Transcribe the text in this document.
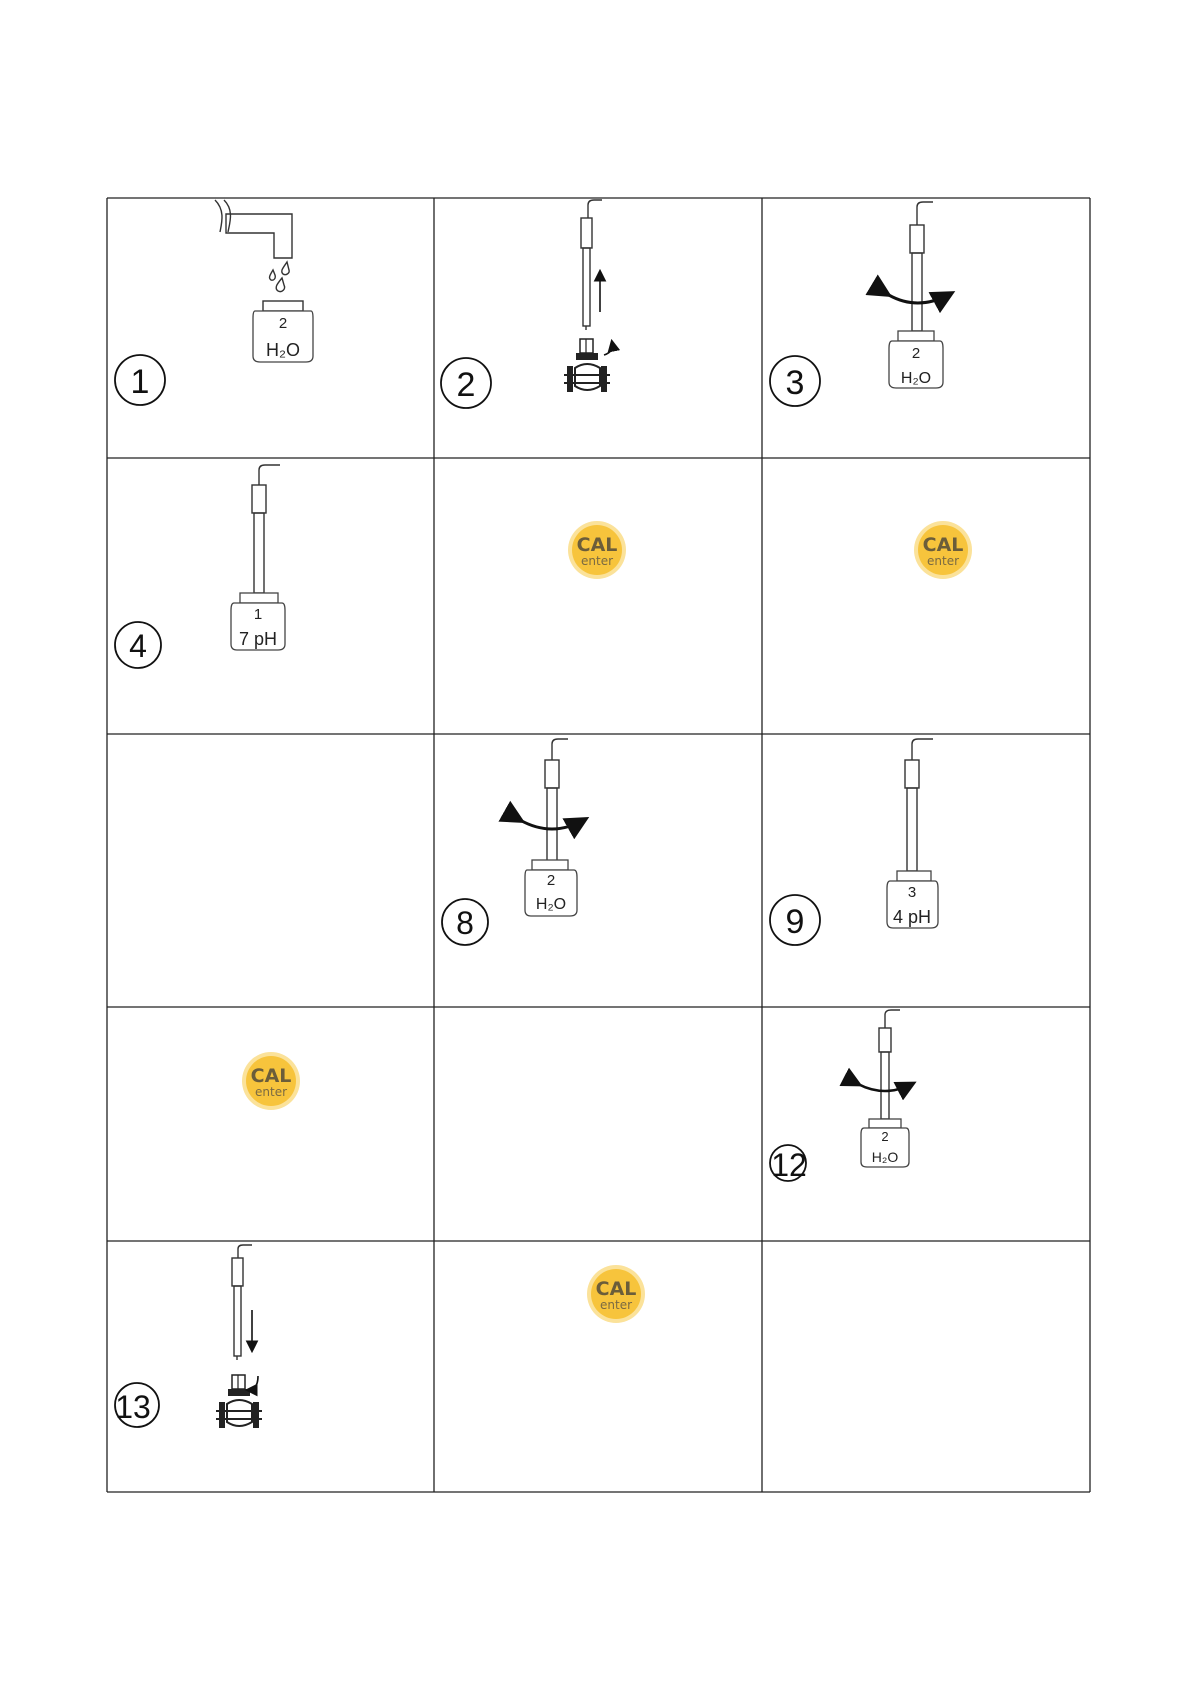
2
H₂O
1	2
2
H₂O
3
1
7 pH
4
CAL
enter
CAL
enter
CAL
enter
CAL
enter
2
H₂O
8
3
4 pH
9
2
H₂O
12
13
